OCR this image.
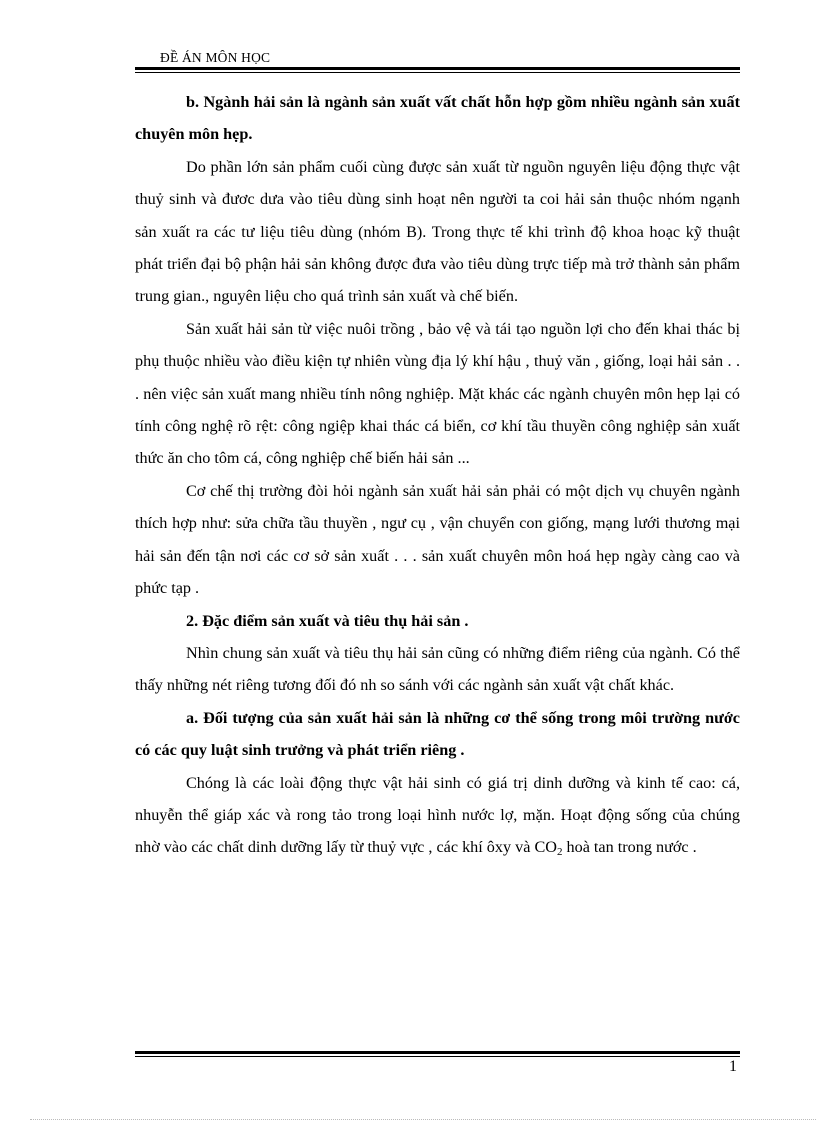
ĐỀ ÁN MÔN HỌC

b. Ngành hải sản là ngành sản xuất vất chất hỗn hợp gồm nhiều ngành sản xuất chuyên môn hẹp.

Do phần lớn sản phẩm cuối cùng được sản xuất từ nguồn nguyên liệu động thực vật thuỷ sinh và đươc dưa vào tiêu dùng sinh hoạt nên người ta coi hải sản thuộc nhóm ngạnh sản xuất ra các tư liệu tiêu dùng (nhóm B). Trong thực tế khi trình độ khoa hoạc kỹ thuật phát triển đại bộ phận hải sản không được đưa vào tiêu dùng trực tiếp mà trở thành sản phẩm trung gian., nguyên liệu cho quá trình sản xuất và chế biến.

Sản xuất hải sản từ việc nuôi trồng , bảo vệ và tái tạo nguồn lợi cho đến khai thác bị phụ thuộc nhiều vào điều kiện tự nhiên vùng địa lý khí hậu , thuỷ văn , giống, loại hải sản . . . nên việc sản xuất mang nhiều tính nông nghiệp. Mặt khác các ngành chuyên môn hẹp lại có tính công nghệ rõ rệt: công ngiệp khai thác cá biển, cơ khí tầu thuyền công nghiệp sản xuất thức ăn cho tôm cá, công nghiệp chế biến hải sản ...

Cơ chế thị trường đòi hỏi ngành sản xuất hải sản phải có một dịch vụ chuyên ngành thích hợp như: sửa chữa tầu thuyền , ngư cụ , vận chuyển con giống, mạng lưới thương mại hải sản đến tận nơi các cơ sở sản xuất . . . sản xuất chuyên môn hoá hẹp ngày càng cao và phức tạp .

2. Đặc điểm sản xuất và tiêu thụ hải sản .

Nhìn chung sản xuất và tiêu thụ hải sản cũng có những điểm riêng của ngành. Có thể thấy những nét riêng tương đối đó nh so sánh với các ngành sản xuất vật chất khác.

a. Đối tượng của sản xuất hải sản là những cơ thể sống trong môi trường nước có các quy luật sinh trưởng và phát triển riêng .

Chóng là các loài động thực vật hải sinh có giá trị dinh dưỡng và kinh tế cao: cá, nhuyễn thể giáp xác và rong tảo trong loại hình nước lợ, mặn. Hoạt động sống của chúng nhờ vào các chất dinh dưỡng lấy từ thuỷ vực , các khí ôxy và $CO_2$ hoà tan trong nước .

1
